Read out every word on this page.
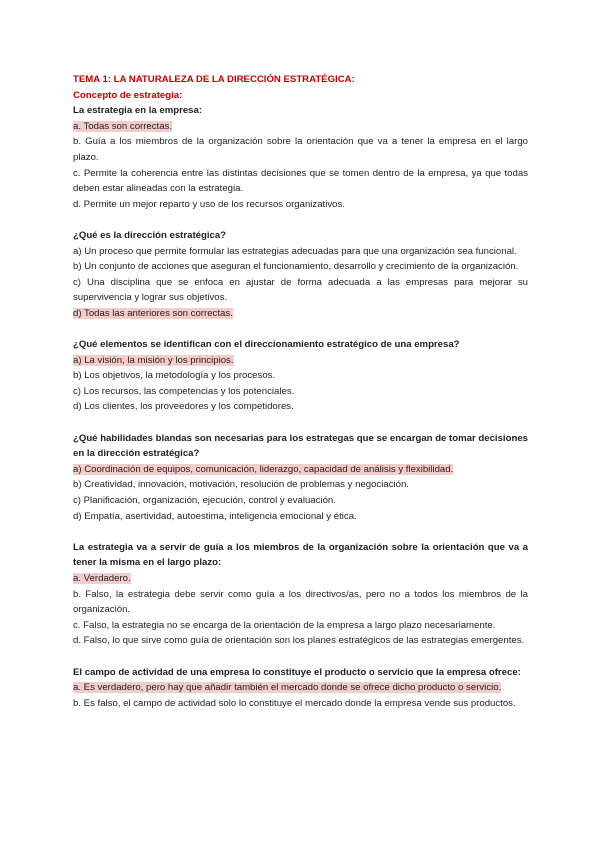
TEMA 1: LA NATURALEZA DE LA DIRECCIÓN ESTRATÉGICA:
Concepto de estrategia:
La estrategia en la empresa:
a. Todas son correctas.
b. Guía a los miembros de la organización sobre la orientación que va a tener la empresa en el largo plazo.
c. Permite la coherencia entre las distintas decisiones que se tomen dentro de la empresa, ya que todas deben estar alineadas con la estrategia.
d. Permite un mejor reparto y uso de los recursos organizativos.
¿Qué es la dirección estratégica?
a) Un proceso que permite formular las estrategias adecuadas para que una organización sea funcional.
b) Un conjunto de acciones que aseguran el funcionamiento, desarrollo y crecimiento de la organización.
c) Una disciplina que se enfoca en ajustar de forma adecuada a las empresas para mejorar su supervivencia y lograr sus objetivos.
d) Todas las anteriores son correctas.
¿Qué elementos se identifican con el direccionamiento estratégico de una empresa?
a) La visión, la misión y los principios.
b) Los objetivos, la metodología y los procesos.
c) Los recursos, las competencias y los potenciales.
d) Los clientes, los proveedores y los competidores.
¿Qué habilidades blandas son necesarias para los estrategas que se encargan de tomar decisiones en la dirección estratégica?
a) Coordinación de equipos, comunicación, liderazgo, capacidad de análisis y flexibilidad.
b) Creatividad, innovación, motivación, resolución de problemas y negociación.
c) Planificación, organización, ejecución, control y evaluación.
d) Empatía, asertividad, autoestima, inteligencia emocional y ética.
La estrategia va a servir de guía a los miembros de la organización sobre la orientación que va a tener la misma en el largo plazo:
a. Verdadero.
b. Falso, la estrategia debe servir como guía a los directivos/as, pero no a todos los miembros de la organización.
c. Falso, la estrategia no se encarga de la orientación de la empresa a largo plazo necesariamente.
d. Falso, lo que sirve como guía de orientación son los planes estratégicos de las estrategias emergentes.
El campo de actividad de una empresa lo constituye el producto o servicio que la empresa ofrece:
a. Es verdadero, pero hay que añadir también el mercado donde se ofrece dicho producto o servicio.
b. Es falso, el campo de actividad solo lo constituye el mercado donde la empresa vende sus productos.
